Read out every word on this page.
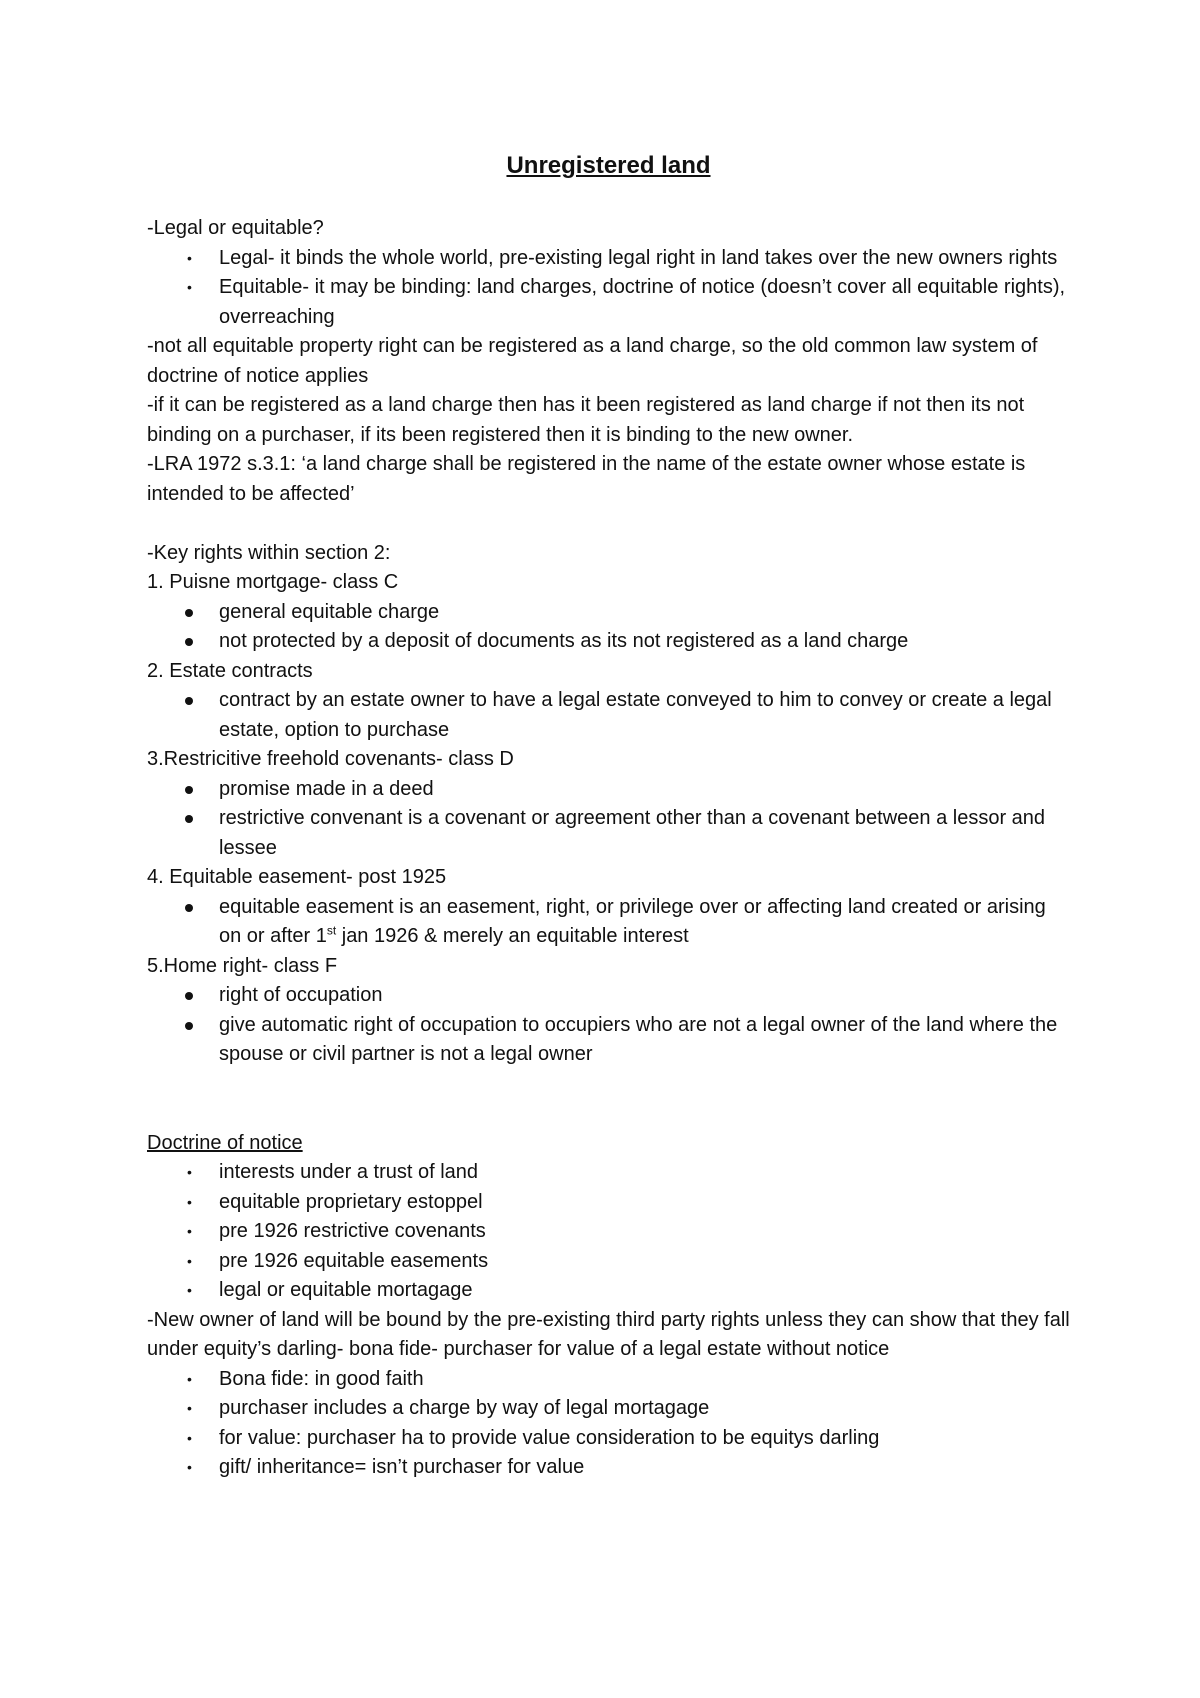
Unregistered land

-Legal or equitable?

Legal- it binds the whole world, pre-existing legal right in land takes over the new owners rights
Equitable- it may be binding: land charges, doctrine of notice (doesn’t cover all equitable rights), overreaching

-not all equitable property right can be registered as a land charge, so the old common law system of doctrine of notice applies

-if it can be registered as a land charge then has it been registered as land charge if not then its not binding on a purchaser, if its been registered then it is binding to the new owner.

-LRA 1972 s.3.1: ‘a land charge shall be registered in the name of the estate owner whose estate is intended to be affected’

-Key rights within section 2:

1. Puisne mortgage- class C

general equitable charge
not protected by a deposit of documents as its not registered as a land charge

2. Estate contracts

contract by an estate owner to have a legal estate conveyed to him to convey or create a legal estate, option to purchase

3.Restricitive freehold covenants- class D

promise made in a deed
restrictive convenant is a covenant or agreement other than a covenant between a lessor and lessee

4. Equitable easement- post 1925

equitable easement is an easement, right, or privilege over or affecting land created or arising on or after 1st jan 1926 & merely an equitable interest

5.Home right- class F

right of occupation
give automatic right of occupation to occupiers who are not a legal owner of the land where the spouse or civil partner is not a legal owner

Doctrine of notice

interests under a trust of land
equitable proprietary estoppel
pre 1926 restrictive covenants
pre 1926 equitable easements
legal or equitable mortagage

-New owner of land will be bound by the pre-existing third party rights unless they can show that they fall under equity’s darling- bona fide- purchaser for value of a legal estate without notice

Bona fide: in good faith
purchaser includes a charge by way of legal mortagage
for value: purchaser ha to provide value consideration to be equitys darling
gift/ inheritance= isn’t purchaser for value
